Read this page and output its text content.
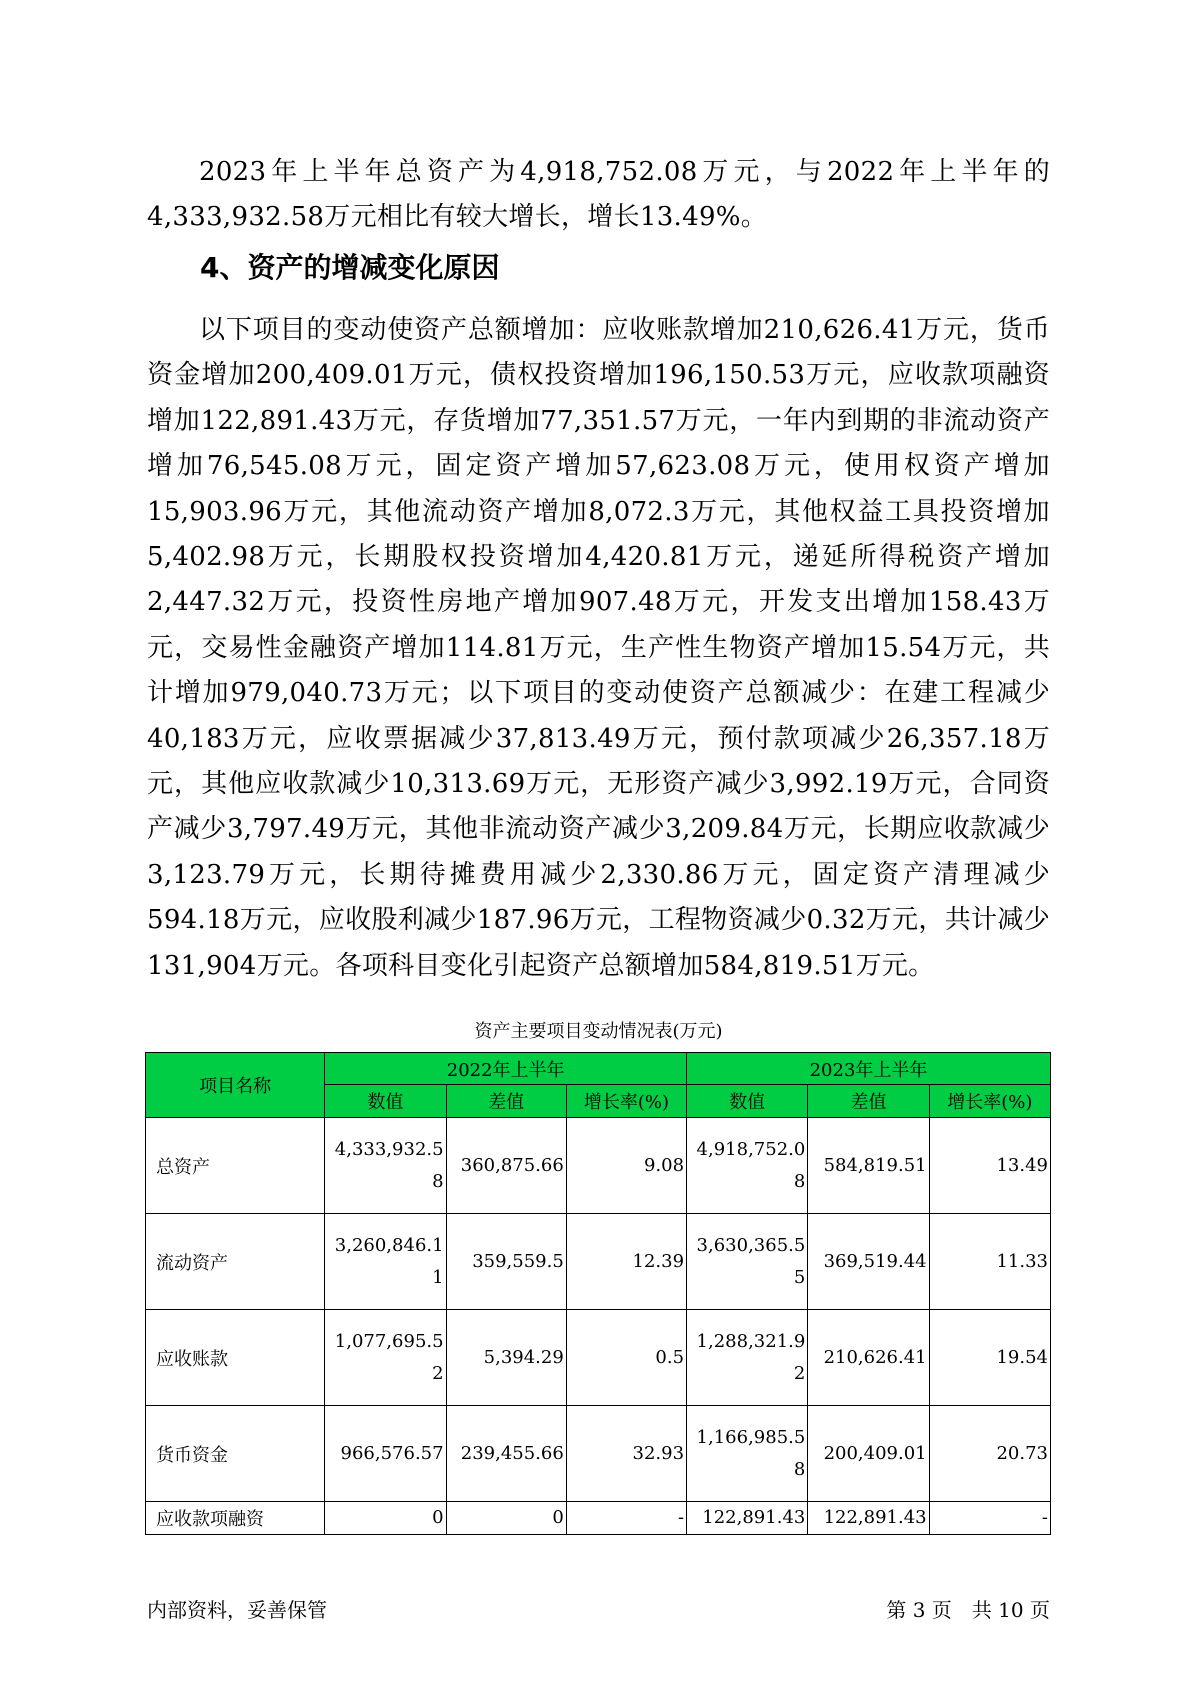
2023年上半年总资产为4,918,752.08万元，与2022年上半年的4,333,932.58万元相比有较大增长，增长13.49%。

4、资产的增减变化原因

以下项目的变动使资产总额增加：应收账款增加210,626.41万元，货币资金增加200,409.01万元，债权投资增加196,150.53万元，应收款项融资增加122,891.43万元，存货增加77,351.57万元，一年内到期的非流动资产增加76,545.08万元，固定资产增加57,623.08万元，使用权资产增加15,903.96万元，其他流动资产增加8,072.3万元，其他权益工具投资增加5,402.98万元，长期股权投资增加4,420.81万元，递延所得税资产增加2,447.32万元，投资性房地产增加907.48万元，开发支出增加158.43万元，交易性金融资产增加114.81万元，生产性生物资产增加15.54万元，共计增加979,040.73万元；以下项目的变动使资产总额减少：在建工程减少40,183万元，应收票据减少37,813.49万元，预付款项减少26,357.18万元，其他应收款减少10,313.69万元，无形资产减少3,992.19万元，合同资产减少3,797.49万元，其他非流动资产减少3,209.84万元，长期应收款减少3,123.79万元，长期待摊费用减少2,330.86万元，固定资产清理减少594.18万元，应收股利减少187.96万元，工程物资减少0.32万元，共计减少131,904万元。各项科目变化引起资产总额增加584,819.51万元。

资产主要项目变动情况表(万元)
项目名称	2022年上半年			2023年上半年		
	数值	差值	增长率(%)	数值	差值	增长率(%)
总资产	4,333,932.58	360,875.66	9.08	4,918,752.08	584,819.51	13.49
流动资产	3,260,846.11	359,559.5	12.39	3,630,365.55	369,519.44	11.33
应收账款	1,077,695.52	5,394.29	0.5	1,288,321.92	210,626.41	19.54
货币资金	966,576.57	239,455.66	32.93	1,166,985.58	200,409.01	20.73
应收款项融资	0	0	-	122,891.43	122,891.43	-
内部资料，妥善保管	第 3 页　共 10 页
